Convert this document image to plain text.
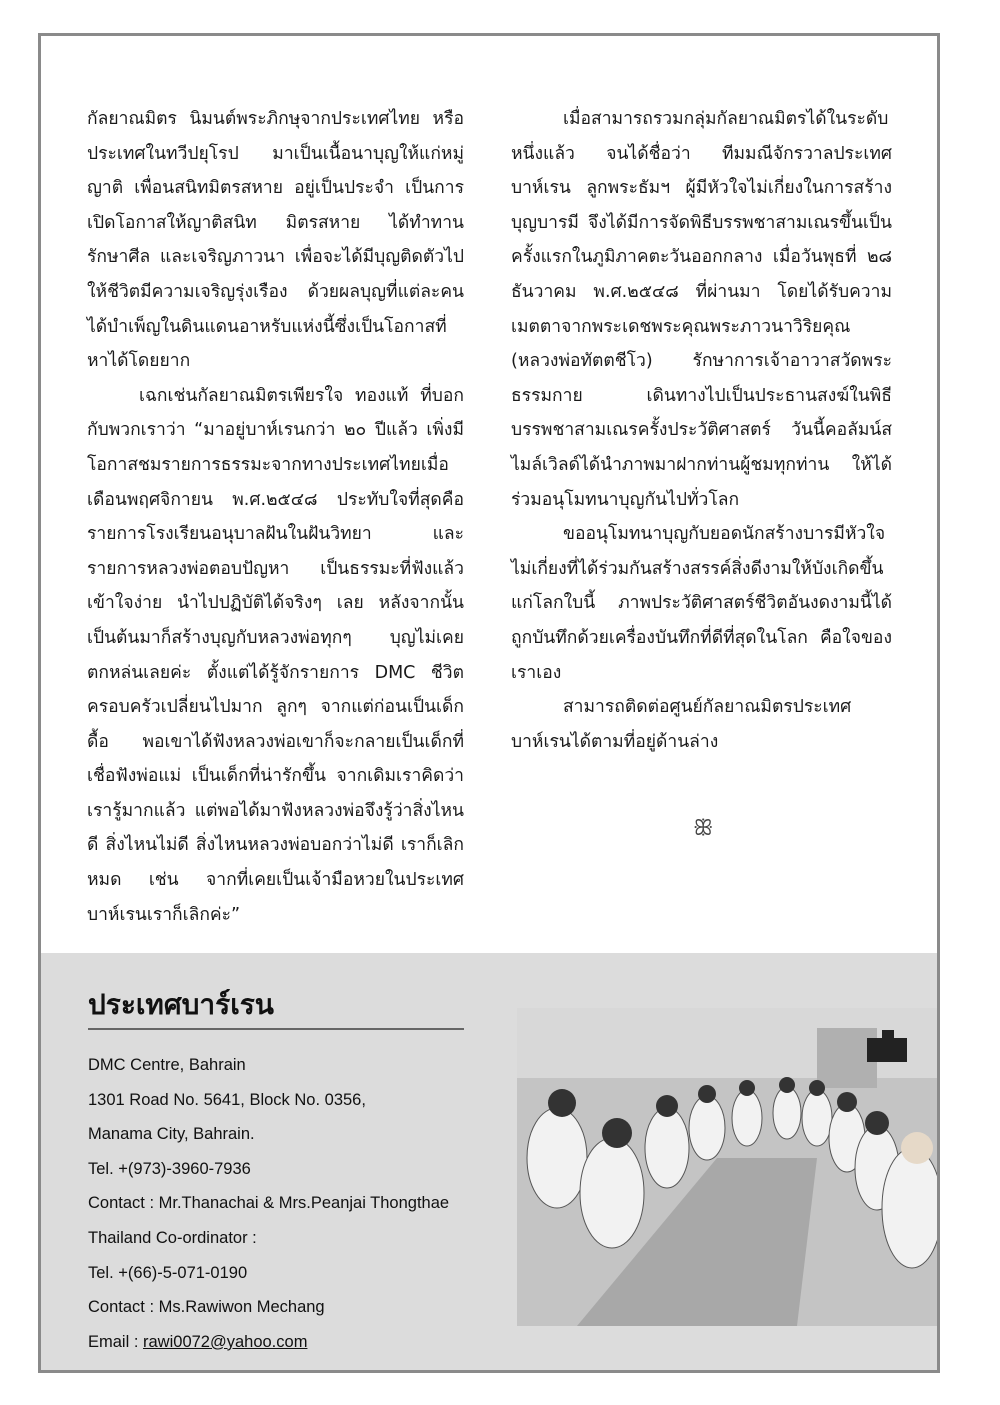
กัลยาณมิตร นิมนต์พระภิกษุจากประเทศไทย หรือประเทศในทวีปยุโรป มาเป็นเนื้อนาบุญให้แก่หมู่ญาติ เพื่อนสนิทมิตรสหาย อยู่เป็นประจำ เป็นการเปิดโอกาสให้ญาติสนิท มิตรสหาย ได้ทำทาน รักษาศีล และเจริญภาวนา เพื่อจะได้มีบุญติดตัวไปให้ชีวิตมีความเจริญรุ่งเรือง ด้วยผลบุญที่แต่ละคนได้บำเพ็ญในดินแดนอาหรับแห่งนี้ซึ่งเป็นโอกาสที่หาได้โดยยาก

เฉกเช่นกัลยาณมิตรเพียรใจ ทองแท้ ที่บอกกับพวกเราว่า “มาอยู่บาห์เรนกว่า ๒๐ ปีแล้ว เพิ่งมีโอกาสชมรายการธรรมะจากทางประเทศไทยเมื่อเดือนพฤศจิกายน พ.ศ.๒๕๔๘ ประทับใจที่สุดคือรายการโรงเรียนอนุบาลฝันในฝันวิทยา และรายการหลวงพ่อตอบปัญหา เป็นธรรมะที่ฟังแล้วเข้าใจง่าย นำไปปฏิบัติได้จริงๆ เลย หลังจากนั้นเป็นต้นมาก็สร้างบุญกับหลวงพ่อทุกๆ บุญไม่เคยตกหล่นเลยค่ะ ตั้งแต่ได้รู้จักรายการ DMC ชีวิตครอบครัวเปลี่ยนไปมาก ลูกๆ จากแต่ก่อนเป็นเด็กดื้อ พอเขาได้ฟังหลวงพ่อเขาก็จะกลายเป็นเด็กที่เชื่อฟังพ่อแม่ เป็นเด็กที่น่ารักขึ้น จากเดิมเราคิดว่าเรารู้มากแล้ว แต่พอได้มาฟังหลวงพ่อจึงรู้ว่าสิ่งไหนดี สิ่งไหนไม่ดี สิ่งไหนหลวงพ่อบอกว่าไม่ดี เราก็เลิกหมด เช่น จากที่เคยเป็นเจ้ามือหวยในประเทศบาห์เรนเราก็เลิกค่ะ”

เมื่อสามารถรวมกลุ่มกัลยาณมิตรได้ในระดับหนึ่งแล้ว จนได้ชื่อว่า ทีมมณีจักรวาลประเทศบาห์เรน ลูกพระธัมฯ ผู้มีหัวใจไม่เกี่ยงในการสร้างบุญบารมี จึงได้มีการจัดพิธีบรรพชาสามเณรขึ้นเป็นครั้งแรกในภูมิภาคตะวันออกกลาง เมื่อวันพุธที่ ๒๘ ธันวาคม พ.ศ.๒๕๔๘ ที่ผ่านมา โดยได้รับความเมตตาจากพระเดชพระคุณพระภาวนาวิริยคุณ (หลวงพ่อทัตตชีโว) รักษาการเจ้าอาวาสวัดพระธรรมกาย เดินทางไปเป็นประธานสงฆ์ในพิธีบรรพชาสามเณรครั้งประวัติศาสตร์ วันนี้คอลัมน์สไมล์เวิลด์ได้นำภาพมาฝากท่านผู้ชมทุกท่าน ให้ได้ร่วมอนุโมทนาบุญกันไปทั่วโลก

ขออนุโมทนาบุญกับยอดนักสร้างบารมีหัวใจไม่เกี่ยงที่ได้ร่วมกันสร้างสรรค์สิ่งดีงามให้บังเกิดขึ้นแก่โลกใบนี้ ภาพประวัติศาสตร์ชีวิตอันงดงามนี้ได้ถูกบันทึกด้วยเครื่องบันทึกที่ดีที่สุดในโลก คือใจของเราเอง

สามารถติดต่อศูนย์กัลยาณมิตรประเทศบาห์เรนได้ตามที่อยู่ด้านล่าง

ꕥ
ประเทศบาร์เรน
DMC Centre, Bahrain
1301 Road No. 5641, Block No. 0356,
Manama City, Bahrain.
Tel. +(973)-3960-7936
Contact : Mr.Thanachai & Mrs.Peanjai Thongthae
Thailand Co-ordinator :
Tel. +(66)-5-071-0190
Contact : Ms.Rawiwon Mechang
Email : rawi0072@yahoo.com
